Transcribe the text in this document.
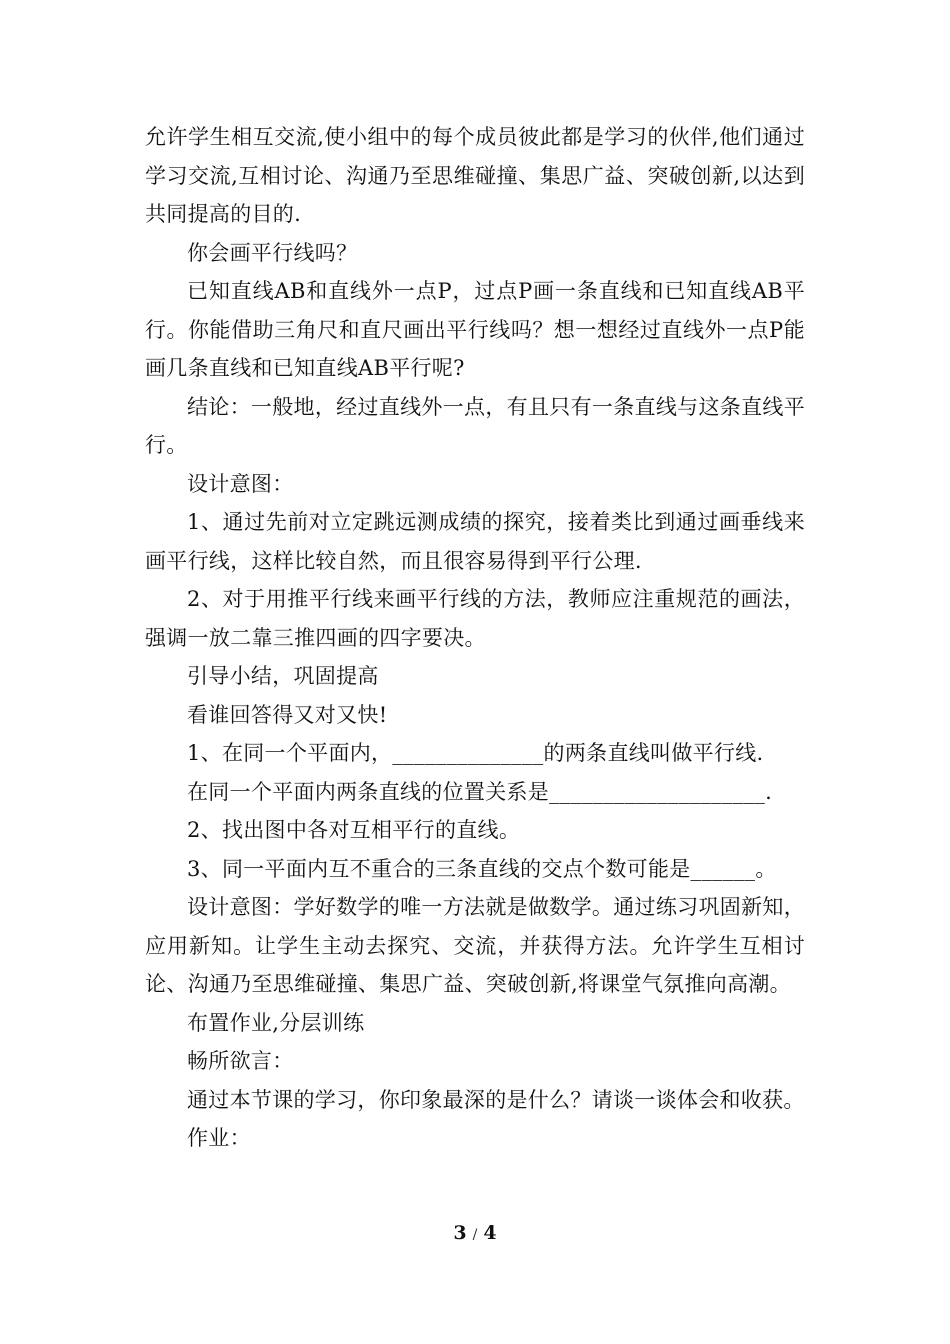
允许学生相互交流,使小组中的每个成员彼此都是学习的伙伴,他们通过学习交流,互相讨论、沟通乃至思维碰撞、集思广益、突破创新,以达到共同提高的目的.

你会画平行线吗？

已知直线AB和直线外一点P，过点P画一条直线和已知直线AB平行。你能借助三角尺和直尺画出平行线吗？想一想经过直线外一点P能画几条直线和已知直线AB平行呢?

结论：一般地，经过直线外一点，有且只有一条直线与这条直线平行。

设计意图：

1、通过先前对立定跳远测成绩的探究，接着类比到通过画垂线来画平行线，这样比较自然，而且很容易得到平行公理.

2、对于用推平行线来画平行线的方法，教师应注重规范的画法，强调一放二靠三推四画的四字要决。

引导小结，巩固提高

看谁回答得又对又快!

1、在同一个平面内，______________的两条直线叫做平行线.

在同一个平面内两条直线的位置关系是____________________.

2、找出图中各对互相平行的直线。

3、同一平面内互不重合的三条直线的交点个数可能是______。

设计意图：学好数学的唯一方法就是做数学。通过练习巩固新知，应用新知。让学生主动去探究、交流，并获得方法。允许学生互相讨论、沟通乃至思维碰撞、集思广益、突破创新,将课堂气氛推向高潮。

布置作业,分层训练

畅所欲言：

通过本节课的学习，你印象最深的是什么？请谈一谈体会和收获。

作业：

3 / 4
